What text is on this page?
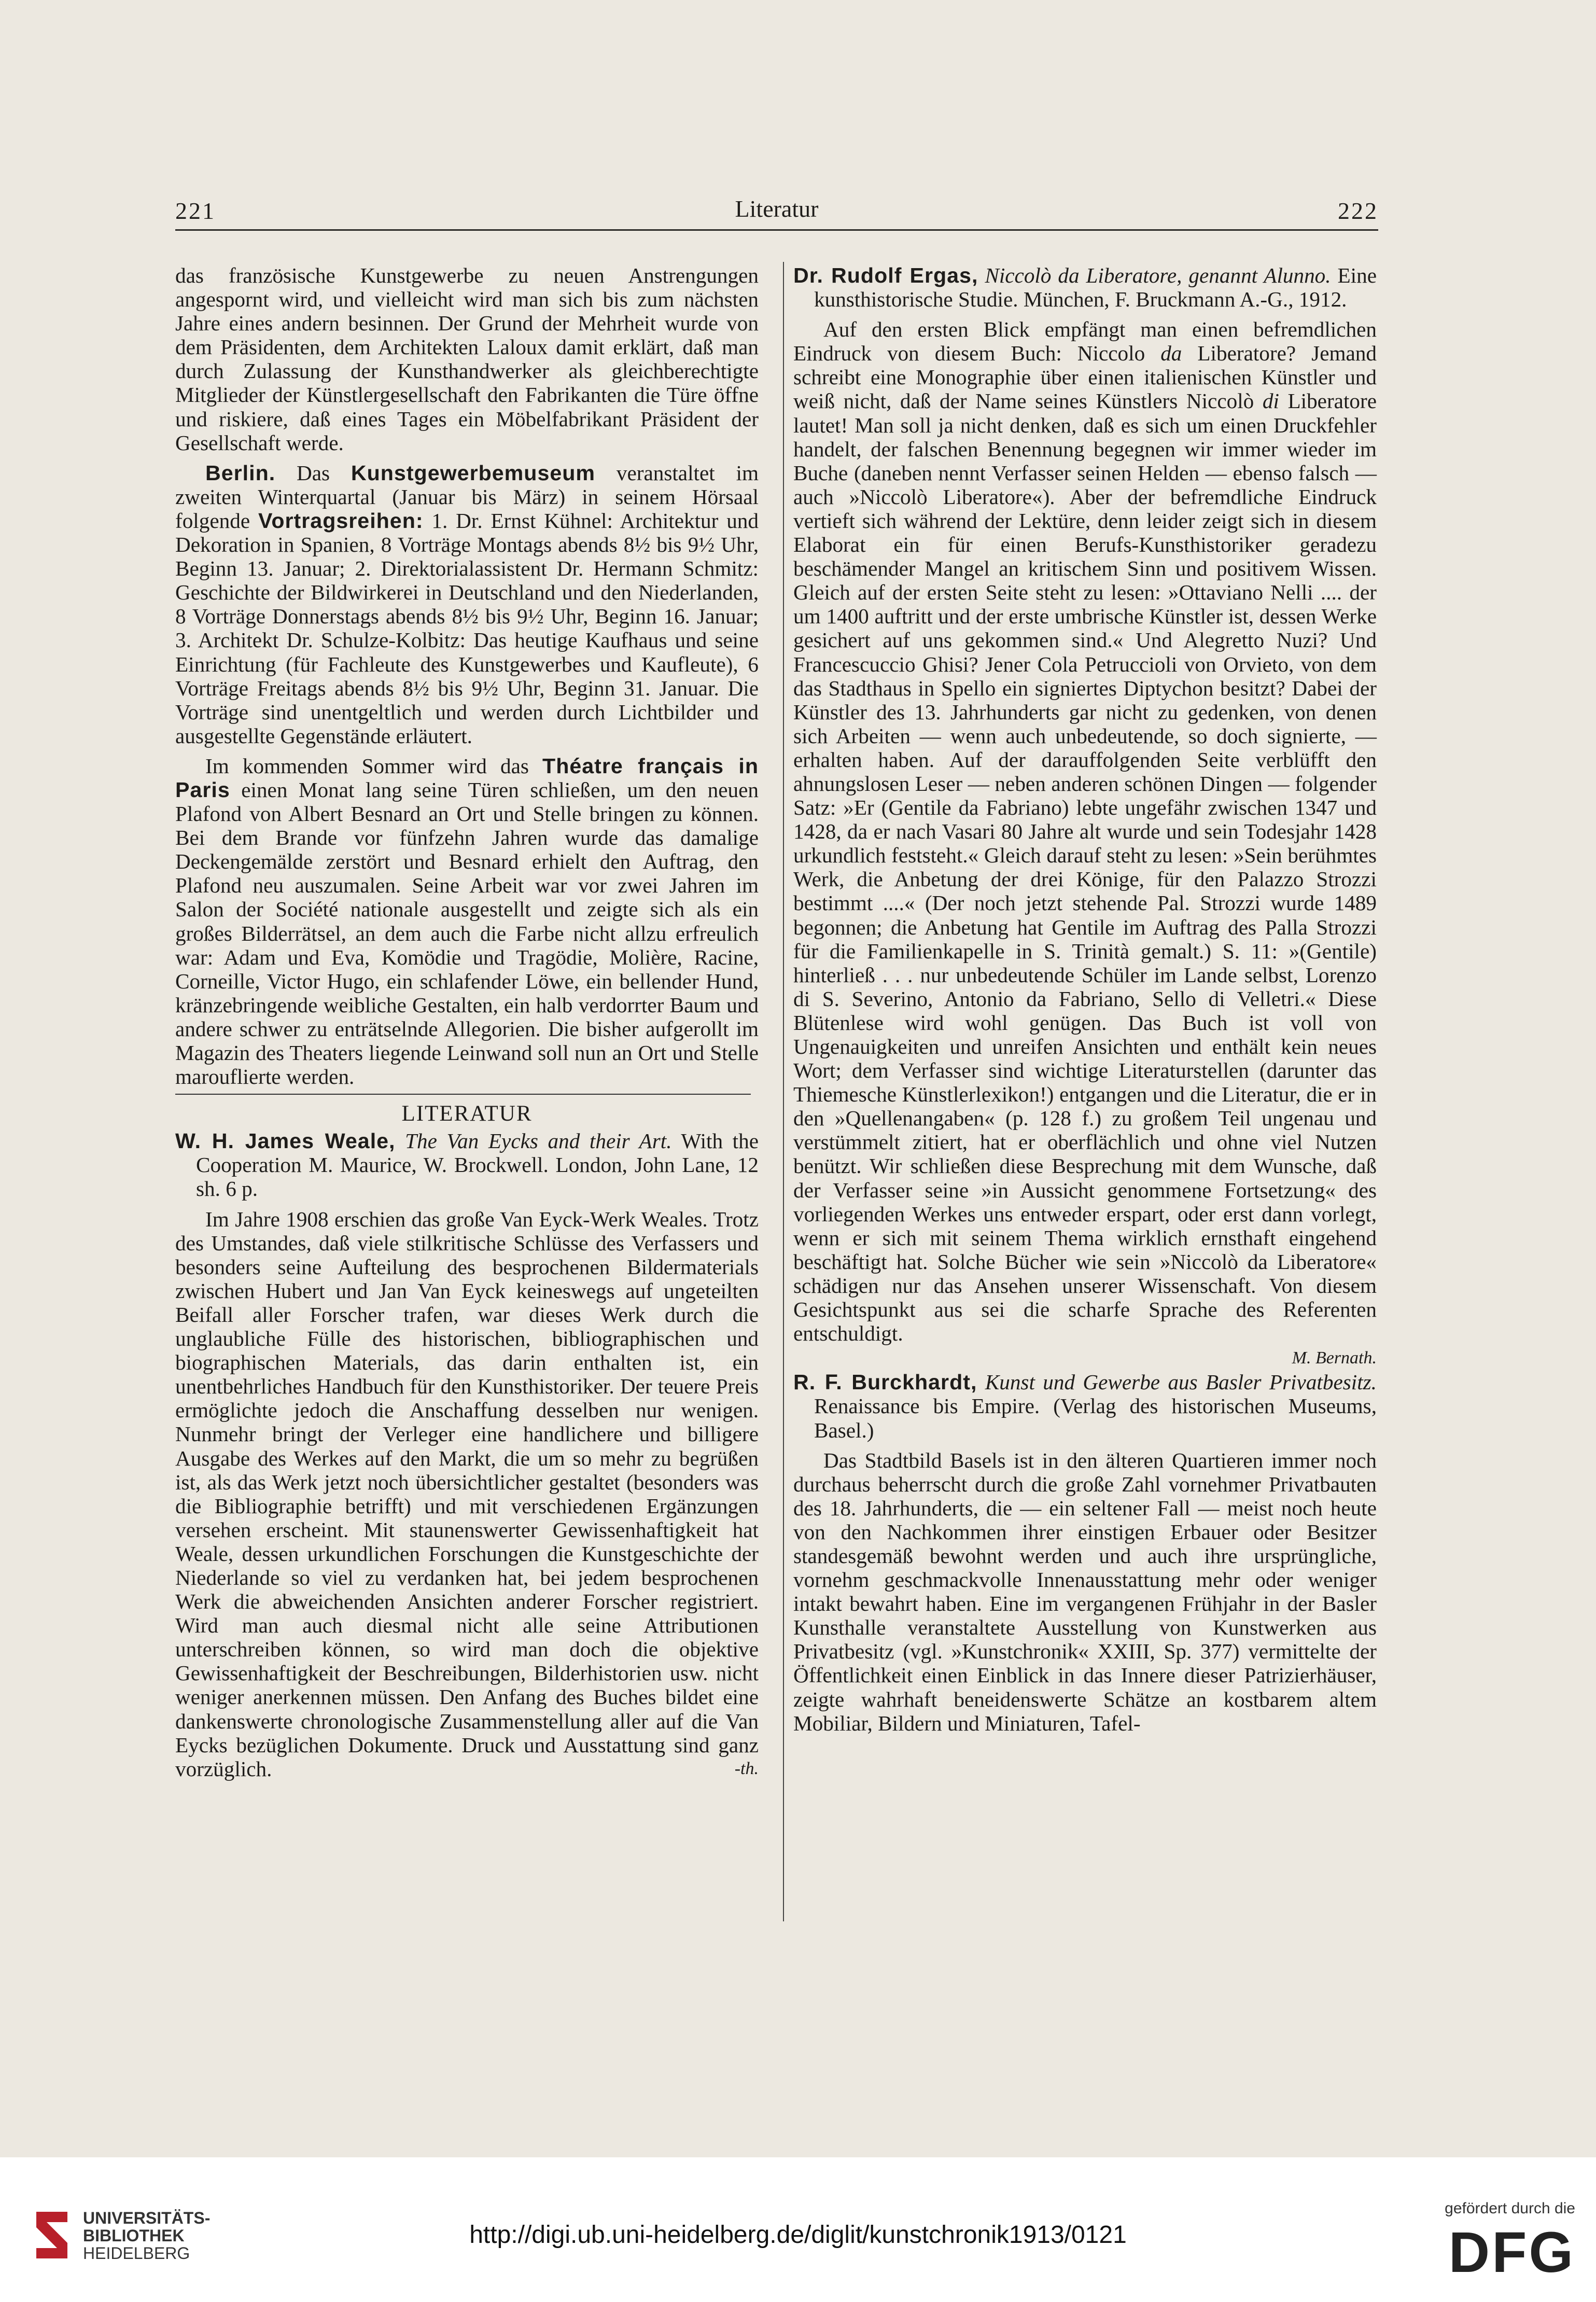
221	Literatur	222

das französische Kunstgewerbe zu neuen Anstrengungen angespornt wird, und vielleicht wird man sich bis zum nächsten Jahre eines andern besinnen. Der Grund der Mehrheit wurde von dem Präsidenten, dem Architekten Laloux damit erklärt, daß man durch Zulassung der Kunsthandwerker als gleichberechtigte Mitglieder der Künstlergesellschaft den Fabrikanten die Türe öffne und riskiere, daß eines Tages ein Möbelfabrikant Präsident der Gesellschaft werde.

Berlin. Das Kunstgewerbemuseum veranstaltet im zweiten Winterquartal (Januar bis März) in seinem Hörsaal folgende Vortragsreihen: 1. Dr. Ernst Kühnel: Architektur und Dekoration in Spanien, 8 Vorträge Montags abends 8½ bis 9½ Uhr, Beginn 13. Januar; 2. Direktorialassistent Dr. Hermann Schmitz: Geschichte der Bildwirkerei in Deutschland und den Niederlanden, 8 Vorträge Donnerstags abends 8½ bis 9½ Uhr, Beginn 16. Januar; 3. Architekt Dr. Schulze-Kolbitz: Das heutige Kaufhaus und seine Einrichtung (für Fachleute des Kunstgewerbes und Kaufleute), 6 Vorträge Freitags abends 8½ bis 9½ Uhr, Beginn 31. Januar. Die Vorträge sind unentgeltlich und werden durch Lichtbilder und ausgestellte Gegenstände erläutert.

Im kommenden Sommer wird das Théatre français in Paris einen Monat lang seine Türen schließen, um den neuen Plafond von Albert Besnard an Ort und Stelle bringen zu können. Bei dem Brande vor fünfzehn Jahren wurde das damalige Deckengemälde zerstört und Besnard erhielt den Auftrag, den Plafond neu auszumalen. Seine Arbeit war vor zwei Jahren im Salon der Société nationale ausgestellt und zeigte sich als ein großes Bilderrätsel, an dem auch die Farbe nicht allzu erfreulich war: Adam und Eva, Komödie und Tragödie, Molière, Racine, Corneille, Victor Hugo, ein schlafender Löwe, ein bellender Hund, kränzebringende weibliche Gestalten, ein halb verdorrter Baum und andere schwer zu enträtselnde Allegorien. Die bisher aufgerollt im Magazin des Theaters liegende Leinwand soll nun an Ort und Stelle marouflierte werden.

LITERATUR

W. H. James Weale, The Van Eycks and their Art. With the Cooperation M. Maurice, W. Brockwell. London, John Lane, 12 sh. 6 p.

Im Jahre 1908 erschien das große Van Eyck-Werk Weales. Trotz des Umstandes, daß viele stilkritische Schlüsse des Verfassers und besonders seine Aufteilung des besprochenen Bildermaterials zwischen Hubert und Jan Van Eyck keineswegs auf ungeteilten Beifall aller Forscher trafen, war dieses Werk durch die unglaubliche Fülle des historischen, bibliographischen und biographischen Materials, das darin enthalten ist, ein unentbehrliches Handbuch für den Kunsthistoriker. Der teuere Preis ermöglichte jedoch die Anschaffung desselben nur wenigen. Nunmehr bringt der Verleger eine handlichere und billigere Ausgabe des Werkes auf den Markt, die um so mehr zu begrüßen ist, als das Werk jetzt noch übersichtlicher gestaltet (besonders was die Bibliographie betrifft) und mit verschiedenen Ergänzungen versehen erscheint. Mit staunenswerter Gewissenhaftigkeit hat Weale, dessen urkundlichen Forschungen die Kunstgeschichte der Niederlande so viel zu verdanken hat, bei jedem besprochenen Werk die abweichenden Ansichten anderer Forscher registriert. Wird man auch diesmal nicht alle seine Attributionen unterschreiben können, so wird man doch die objektive Gewissenhaftigkeit der Beschreibungen, Bilderhistorien usw. nicht weniger anerkennen müssen. Den Anfang des Buches bildet eine dankenswerte chronologische Zusammenstellung aller auf die Van Eycks bezüglichen Dokumente. Druck und Ausstattung sind ganz vorzüglich.	-th.

Dr. Rudolf Ergas, Niccolò da Liberatore, genannt Alunno. Eine kunsthistorische Studie. München, F. Bruckmann A.-G., 1912.

Auf den ersten Blick empfängt man einen befremdlichen Eindruck von diesem Buch: Niccolo da Liberatore? Jemand schreibt eine Monographie über einen italienischen Künstler und weiß nicht, daß der Name seines Künstlers Niccolò di Liberatore lautet! Man soll ja nicht denken, daß es sich um einen Druckfehler handelt, der falschen Benennung begegnen wir immer wieder im Buche (daneben nennt Verfasser seinen Helden — ebenso falsch — auch »Niccolò Liberatore«). Aber der befremdliche Eindruck vertieft sich während der Lektüre, denn leider zeigt sich in diesem Elaborat ein für einen Berufs-Kunsthistoriker geradezu beschämender Mangel an kritischem Sinn und positivem Wissen. Gleich auf der ersten Seite steht zu lesen: »Ottaviano Nelli .... der um 1400 auftritt und der erste umbrische Künstler ist, dessen Werke gesichert auf uns gekommen sind.« Und Alegretto Nuzi? Und Francescuccio Ghisi? Jener Cola Petruccioli von Orvieto, von dem das Stadthaus in Spello ein signiertes Diptychon besitzt? Dabei der Künstler des 13. Jahrhunderts gar nicht zu gedenken, von denen sich Arbeiten — wenn auch unbedeutende, so doch signierte, — erhalten haben. Auf der darauffolgenden Seite verblüfft den ahnungslosen Leser — neben anderen schönen Dingen — folgender Satz: »Er (Gentile da Fabriano) lebte ungefähr zwischen 1347 und 1428, da er nach Vasari 80 Jahre alt wurde und sein Todesjahr 1428 urkundlich feststeht.« Gleich darauf steht zu lesen: »Sein berühmtes Werk, die Anbetung der drei Könige, für den Palazzo Strozzi bestimmt ....« (Der noch jetzt stehende Pal. Strozzi wurde 1489 begonnen; die Anbetung hat Gentile im Auftrag des Palla Strozzi für die Familienkapelle in S. Trinità gemalt.) S. 11: »(Gentile) hinterließ . . . nur unbedeutende Schüler im Lande selbst, Lorenzo di S. Severino, Antonio da Fabriano, Sello di Velletri.« Diese Blütenlese wird wohl genügen. Das Buch ist voll von Ungenauigkeiten und unreifen Ansichten und enthält kein neues Wort; dem Verfasser sind wichtige Literaturstellen (darunter das Thiemesche Künstlerlexikon!) entgangen und die Literatur, die er in den »Quellenangaben« (p. 128 f.) zu großem Teil ungenau und verstümmelt zitiert, hat er oberflächlich und ohne viel Nutzen benützt. Wir schließen diese Besprechung mit dem Wunsche, daß der Verfasser seine »in Aussicht genommene Fortsetzung« des vorliegenden Werkes uns entweder erspart, oder erst dann vorlegt, wenn er sich mit seinem Thema wirklich ernsthaft eingehend beschäftigt hat. Solche Bücher wie sein »Niccolò da Liberatore« schädigen nur das Ansehen unserer Wissenschaft. Von diesem Gesichtspunkt aus sei die scharfe Sprache des Referenten entschuldigt.

M. Bernath.

R. F. Burckhardt, Kunst und Gewerbe aus Basler Privatbesitz. Renaissance bis Empire. (Verlag des historischen Museums, Basel.)

Das Stadtbild Basels ist in den älteren Quartieren immer noch durchaus beherrscht durch die große Zahl vornehmer Privatbauten des 18. Jahrhunderts, die — ein seltener Fall — meist noch heute von den Nachkommen ihrer einstigen Erbauer oder Besitzer standesgemäß bewohnt werden und auch ihre ursprüngliche, vornehm geschmackvolle Innenausstattung mehr oder weniger intakt bewahrt haben. Eine im vergangenen Frühjahr in der Basler Kunsthalle veranstaltete Ausstellung von Kunstwerken aus Privatbesitz (vgl. »Kunstchronik« XXIII, Sp. 377) vermittelte der Öffentlichkeit einen Einblick in das Innere dieser Patrizierhäuser, zeigte wahrhaft beneidenswerte Schätze an kostbarem altem Mobiliar, Bildern und Miniaturen, Tafel-

UNIVERSITÄTS-
BIBLIOTHEK
HEIDELBERG
http://digi.ub.uni-heidelberg.de/diglit/kunstchronik1913/0121
gefördert durch die
DFG
